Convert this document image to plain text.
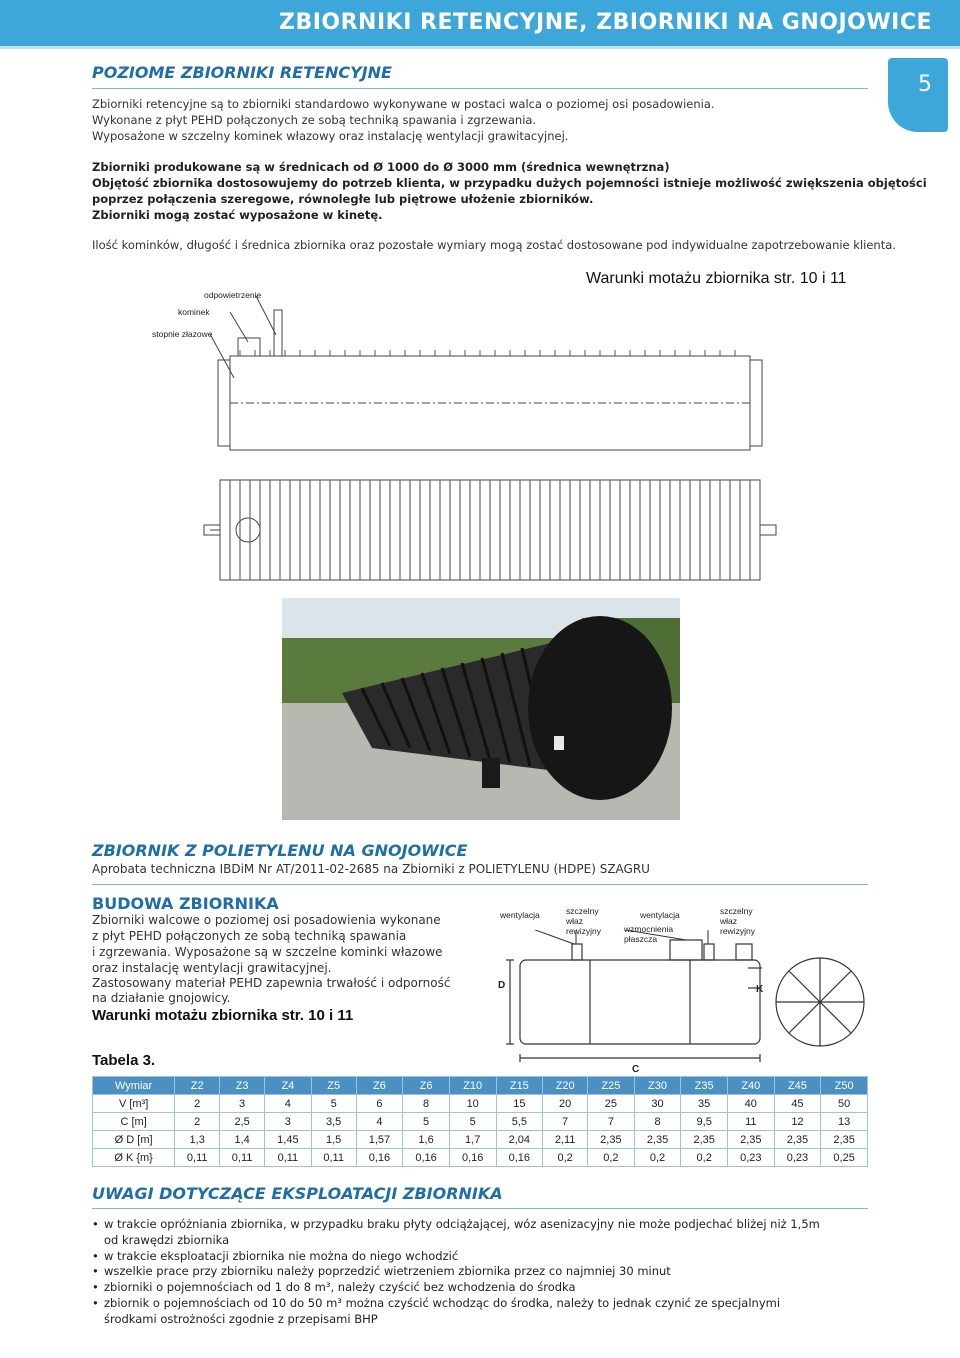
ZBIORNIKI RETENCYJNE, ZBIORNIKI NA GNOJOWICE
5
POZIOME ZBIORNIKI RETENCYJNE
Zbiorniki retencyjne są to zbiorniki standardowo wykonywane w postaci walca o poziomej osi posadowienia.
Wykonane z płyt PEHD połączonych ze sobą techniką spawania i zgrzewania.
Wyposażone w szczelny kominek włazowy oraz instalację wentylacji grawitacyjnej.
Zbiorniki produkowane są w średnicach od Ø 1000 do Ø 3000 mm (średnica wewnętrzna)
Objętość zbiornika dostosowujemy do potrzeb klienta, w przypadku dużych pojemności istnieje możliwość zwiększenia objętości
poprzez połączenia szeregowe, równoległe lub piętrowe ułożenie zbiorników.
Zbiorniki mogą zostać wyposażone w kinetę.
Ilość kominków, długość i średnica zbiornika oraz pozostałe wymiary mogą zostać dostosowane pod indywidualne zapotrzebowanie klienta.
Warunki motażu zbiornika str. 10 i 11
odpowietrzenie
kominek
stopnie złazowe
ZBIORNIK Z POLIETYLENU NA GNOJOWICE
Aprobata techniczna IBDiM Nr AT/2011-02-2685 na Zbiorniki z POLIETYLENU (HDPE) SZAGRU
BUDOWA ZBIORNIKA
Zbiorniki walcowe o poziomej osi posadowienia wykonane
z płyt PEHD połączonych ze sobą techniką spawania
i zgrzewania. Wyposażone są w szczelne kominki włazowe
oraz instalację wentylacji grawitacyjnej.
Zastosowany materiał PEHD zapewnia trwałość i odporność
na działanie gnojowicy.
Warunki motażu zbiornika str. 10 i 11
wentylacja	szczelny właz rewizyjny
wentylacja
wzmocnienia płaszcza
szczelny właz rewizyjny
D	K
C
Tabela 3.
Wymiar	Z2	Z3	Z4	Z5	Z6	Z6	Z10	Z15	Z20	Z25	Z30	Z35	Z40	Z45	Z50
V [m³]	2	3	4	5	6	8	10	15	20	25	30	35	40	45	50
C [m]	2	2,5	3	3,5	4	5	5	5,5	7	7	8	9,5	11	12	13
Ø D [m]	1,3	1,4	1,45	1,5	1,57	1,6	1,7	2,04	2,11	2,35	2,35	2,35	2,35	2,35	2,35
Ø K {m}	0,11	0,11	0,11	0,11	0,16	0,16	0,16	0,16	0,2	0,2	0,2	0,2	0,23	0,23	0,25
UWAGI DOTYCZĄCE EKSPLOATACJI ZBIORNIKA
• w trakcie opróżniania zbiornika, w przypadku braku płyty odciążającej, wóz asenizacyjny nie może podjechać bliżej niż 1,5m
od krawędzi zbiornika
• w trakcie eksploatacji zbiornika nie można do niego wchodzić
• wszelkie prace przy zbiorniku należy poprzedzić wietrzeniem zbiornika przez co najmniej 30 minut
• zbiorniki o pojemnościach od 1 do 8 m³, należy czyścić bez wchodzenia do środka
• zbiornik o pojemnościach od 10 do 50 m³ można czyścić wchodząc do środka, należy to jednak czynić ze specjalnymi
środkami ostrożności zgodnie z przepisami BHP
